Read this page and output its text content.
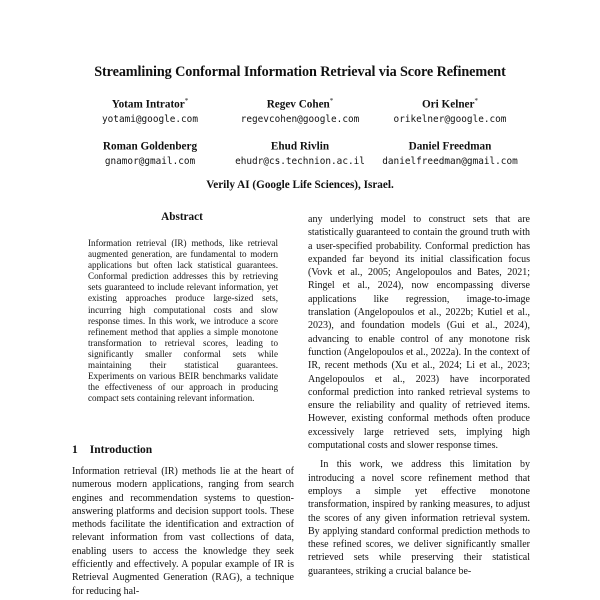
Streamlining Conformal Information Retrieval via Score Refinement
Yotam Intrator*
yotami@google.com
Regev Cohen*
regevcohen@google.com
Ori Kelner*
orikelner@google.com
Roman Goldenberg
gnamor@gmail.com
Ehud Rivlin
ehudr@cs.technion.ac.il
Daniel Freedman
danielfreedman@gmail.com
Verily AI (Google Life Sciences), Israel.
Abstract
Information retrieval (IR) methods, like retrieval augmented generation, are fundamental to modern applications but often lack statistical guarantees. Conformal prediction addresses this by retrieving sets guaranteed to include relevant information, yet existing approaches produce large-sized sets, incurring high computational costs and slow response times. In this work, we introduce a score refinement method that applies a simple monotone transformation to retrieval scores, leading to significantly smaller conformal sets while maintaining their statistical guarantees. Experiments on various BEIR benchmarks validate the effectiveness of our approach in producing compact sets containing relevant information.
1 Introduction
Information retrieval (IR) methods lie at the heart of numerous modern applications, ranging from search engines and recommendation systems to question-answering platforms and decision support tools. These methods facilitate the identification and extraction of relevant information from vast collections of data, enabling users to access the knowledge they seek efficiently and effectively. A popular example of IR is Retrieval Augmented Generation (RAG), a technique for reducing hal-

any underlying model to construct sets that are statistically guaranteed to contain the ground truth with a user-specified probability. Conformal prediction has expanded far beyond its initial classification focus (Vovk et al., 2005; Angelopoulos and Bates, 2021; Ringel et al., 2024), now encompassing diverse applications like regression, image-to-image translation (Angelopoulos et al., 2022b; Kutiel et al., 2023), and foundation models (Gui et al., 2024), advancing to enable control of any monotone risk function (Angelopoulos et al., 2022a). In the context of IR, recent methods (Xu et al., 2024; Li et al., 2023; Angelopoulos et al., 2023) have incorporated conformal prediction into ranked retrieval systems to ensure the reliability and quality of retrieved items. However, existing conformal methods often produce excessively large retrieved sets, implying high computational costs and slower response times.

In this work, we address this limitation by introducing a novel score refinement method that employs a simple yet effective monotone transformation, inspired by ranking measures, to adjust the scores of any given information retrieval system. By applying standard conformal prediction methods to these refined scores, we deliver significantly smaller retrieved sets while preserving their statistical guarantees, striking a crucial balance be-
